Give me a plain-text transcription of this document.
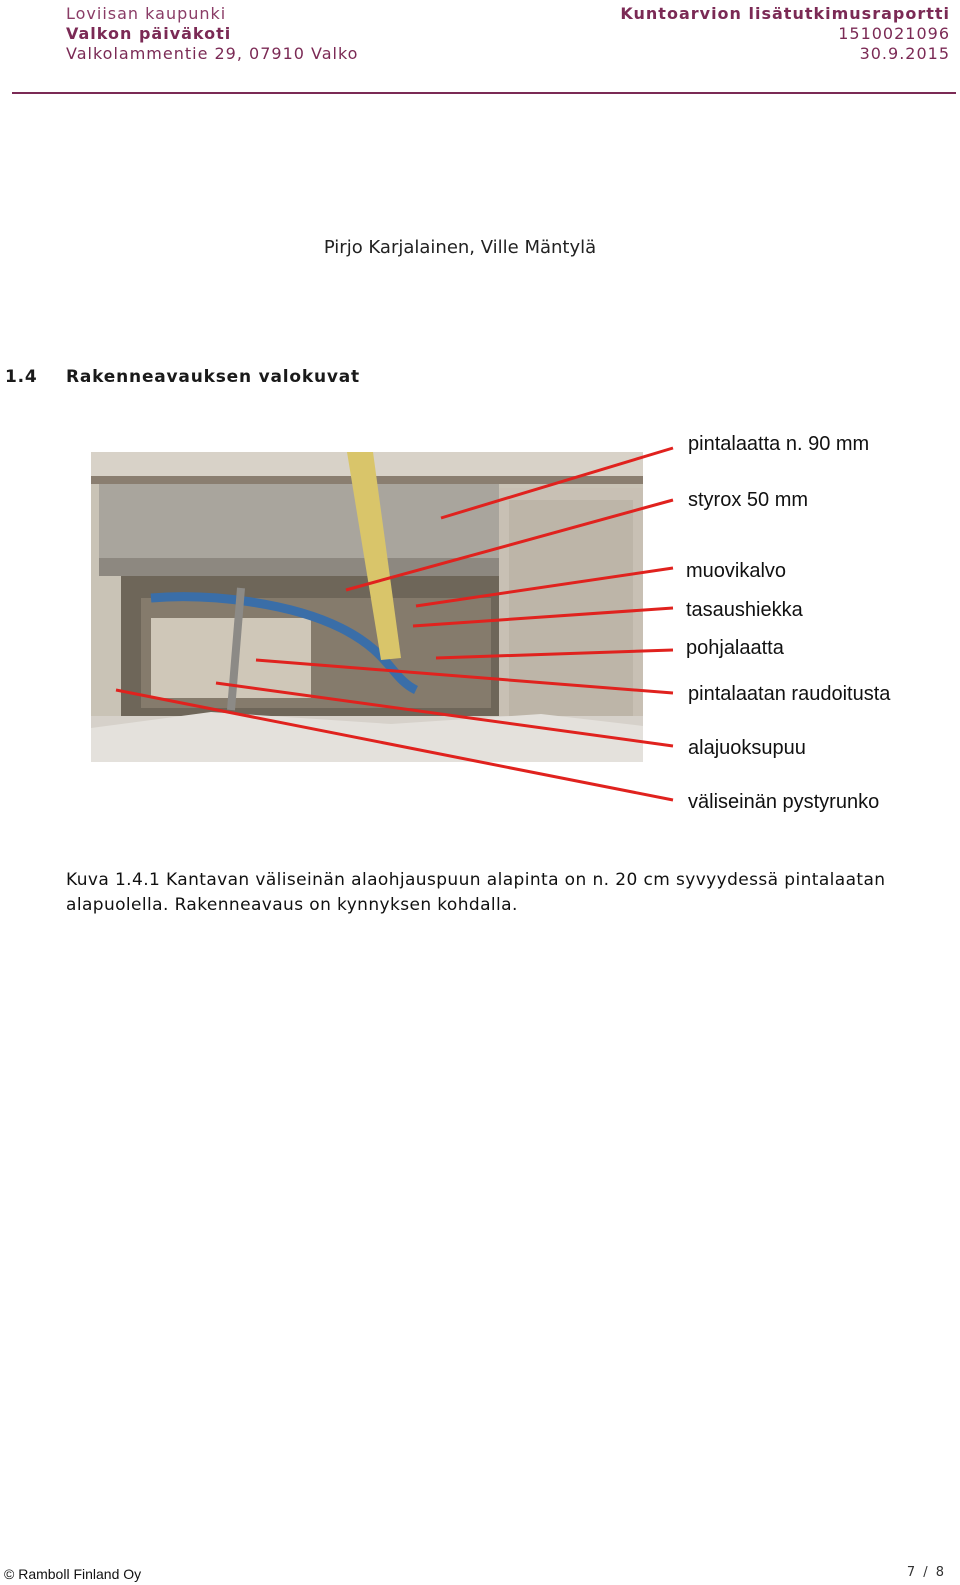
Loviisan kaupunki
Valkon päiväkoti
Valkolammentie 29, 07910 Valko
Kuntoarvion lisätutkimusraportti
1510021096
30.9.2015
Pirjo Karjalainen, Ville Mäntylä
1.4 Rakenneavauksen valokuvat
pintalaatta n. 90 mm
styrox 50 mm
muovikalvo
tasaushiekka
pohjalaatta
pintalaatan raudoitusta
alajuoksupuu
väliseinän pystyrunko
Kuva 1.4.1 Kantavan väliseinän alaohjauspuun alapinta on n. 20 cm syvyydessä pintalaatan alapuolella. Rakenneavaus on kynnyksen kohdalla.
© Ramboll Finland Oy	7 / 8
